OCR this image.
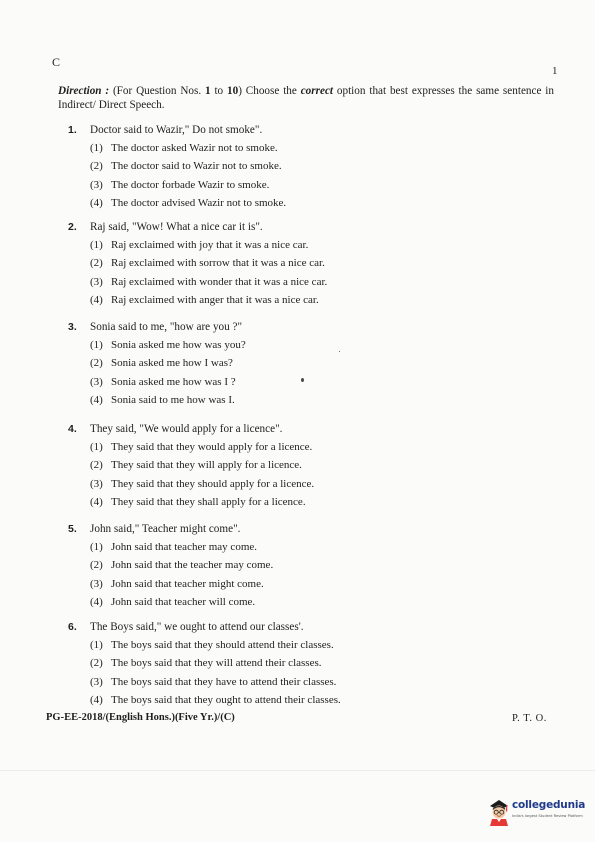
C
1
Direction : (For Question Nos. 1 to 10) Choose the correct option that best expresses the same sentence in Indirect/ Direct Speech.
1. Doctor said to Wazir," Do not smoke".
(1) The doctor asked Wazir not to smoke.
(2) The doctor said to Wazir not to smoke.
(3) The doctor forbade Wazir to smoke.
(4) The doctor advised Wazir not to smoke.
2. Raj said, "Wow! What a nice car it is".
(1) Raj exclaimed with joy that it was a nice car.
(2) Raj exclaimed with sorrow that it was a nice car.
(3) Raj exclaimed with wonder that it was a nice car.
(4) Raj exclaimed with anger that it was a nice car.
3. Sonia said to me, "how are you ?"
(1) Sonia asked me how was you?
(2) Sonia asked me how I was?
(3) Sonia asked me how was I ?
(4) Sonia said to me how was I.
4. They said, "We would apply for a licence".
(1) They said that they would apply for a licence.
(2) They said that they will apply for a licence.
(3) They said that they should apply for a licence.
(4) They said that they shall apply for a licence.
5. John said," Teacher might come".
(1) John said that teacher may come.
(2) John said that the teacher may come.
(3) John said that teacher might come.
(4) John said that teacher will come.
6. The Boys said," we ought to attend our classes'.
(1) The boys said that they should attend their classes.
(2) The boys said that they will attend their classes.
(3) The boys said that they have to attend their classes.
(4) The boys said that they ought to attend their classes.
PG-EE-2018/(English Hons.)(Five Yr.)/(C)	P. T. O.
collegedunia
India's largest Student Review Platform
